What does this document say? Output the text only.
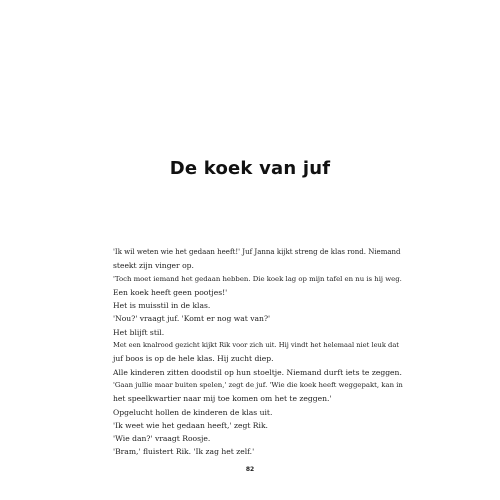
De koek van juf
'Ik wil weten wie het gedaan heeft!' Juf Janna kijkt streng de klas rond. Niemand
steekt zijn vinger op.
'Toch moet iemand het gedaan hebben. Die koek lag op mijn tafel en nu is hij weg.
Een koek heeft geen pootjes!'
Het is muisstil in de klas.
'Nou?' vraagt juf. 'Komt er nog wat van?'
Het blijft stil.
Met een knalrood gezicht kijkt Rik voor zich uit. Hij vindt het helemaal niet leuk dat
juf boos is op de hele klas. Hij zucht diep.
Alle kinderen zitten doodstil op hun stoeltje. Niemand durft iets te zeggen.
'Gaan jullie maar buiten spelen,' zegt de juf. 'Wie die koek heeft weggepakt, kan in
het speelkwartier naar mij toe komen om het te zeggen.'
Opgelucht hollen de kinderen de klas uit.
'Ik weet wie het gedaan heeft,' zegt Rik.
'Wie dan?' vraagt Roosje.
'Bram,' fluistert Rik. 'Ik zag het zelf.'
82
